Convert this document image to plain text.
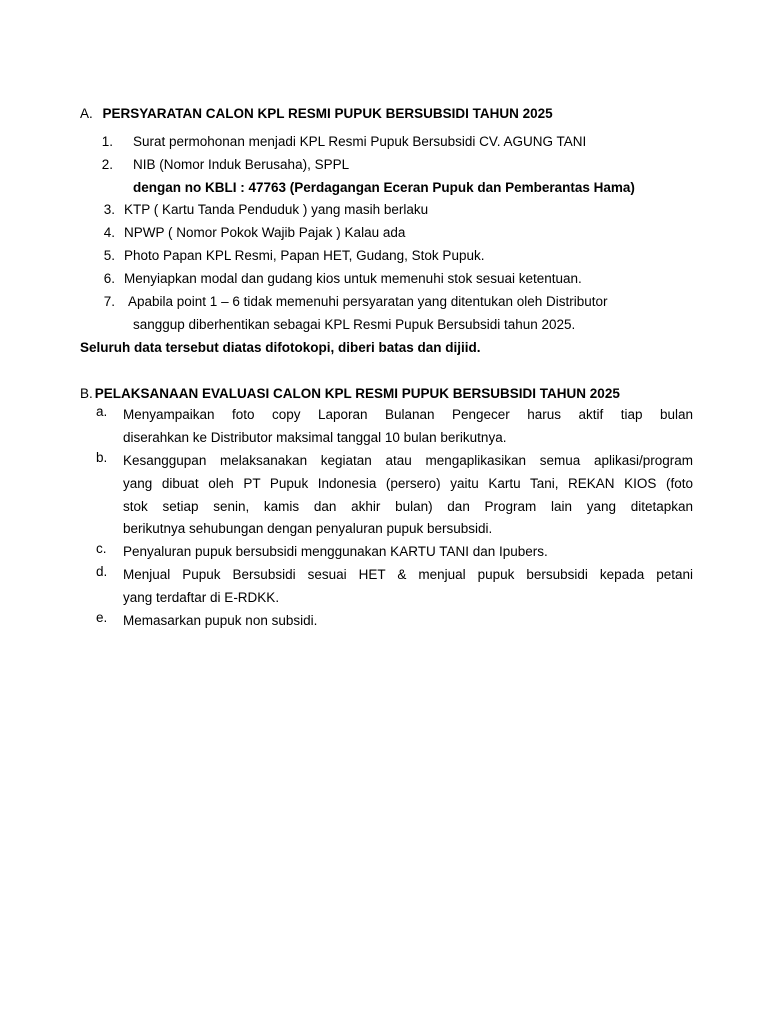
A. PERSYARATAN CALON KPL RESMI PUPUK BERSUBSIDI TAHUN 2025
1. Surat permohonan menjadi KPL Resmi Pupuk Bersubsidi CV. AGUNG TANI
2. NIB (Nomor Induk Berusaha), SPPL
dengan no KBLI : 47763 (Perdagangan Eceran Pupuk dan Pemberantas Hama)
3. KTP ( Kartu Tanda Penduduk ) yang masih berlaku
4. NPWP ( Nomor Pokok Wajib Pajak ) Kalau ada
5. Photo Papan KPL Resmi, Papan HET, Gudang, Stok Pupuk.
6. Menyiapkan modal dan gudang kios untuk memenuhi stok sesuai ketentuan.
7. Apabila point 1 – 6 tidak memenuhi persyaratan yang ditentukan oleh Distributor
sanggup diberhentikan sebagai KPL Resmi Pupuk Bersubsidi tahun 2025.
Seluruh data tersebut diatas difotokopi, diberi batas dan dijiid.
B. PELAKSANAAN EVALUASI CALON KPL RESMI PUPUK BERSUBSIDI TAHUN 2025
a.	Menyampaikan foto copy Laporan Bulanan Pengecer harus aktif tiap bulan
diserahkan ke Distributor maksimal tanggal 10 bulan berikutnya.
b.	Kesanggupan melaksanakan kegiatan atau mengaplikasikan semua aplikasi/program
yang dibuat oleh PT Pupuk Indonesia (persero) yaitu Kartu Tani, REKAN KIOS (foto
stok setiap senin, kamis dan akhir bulan) dan Program lain yang ditetapkan
berikutnya sehubungan dengan penyaluran pupuk bersubsidi.
c.	Penyaluran pupuk bersubsidi menggunakan KARTU TANI dan Ipubers.
d.	Menjual Pupuk Bersubsidi sesuai HET & menjual pupuk bersubsidi kepada petani
yang terdaftar di E-RDKK.
e.	Memasarkan pupuk non subsidi.
